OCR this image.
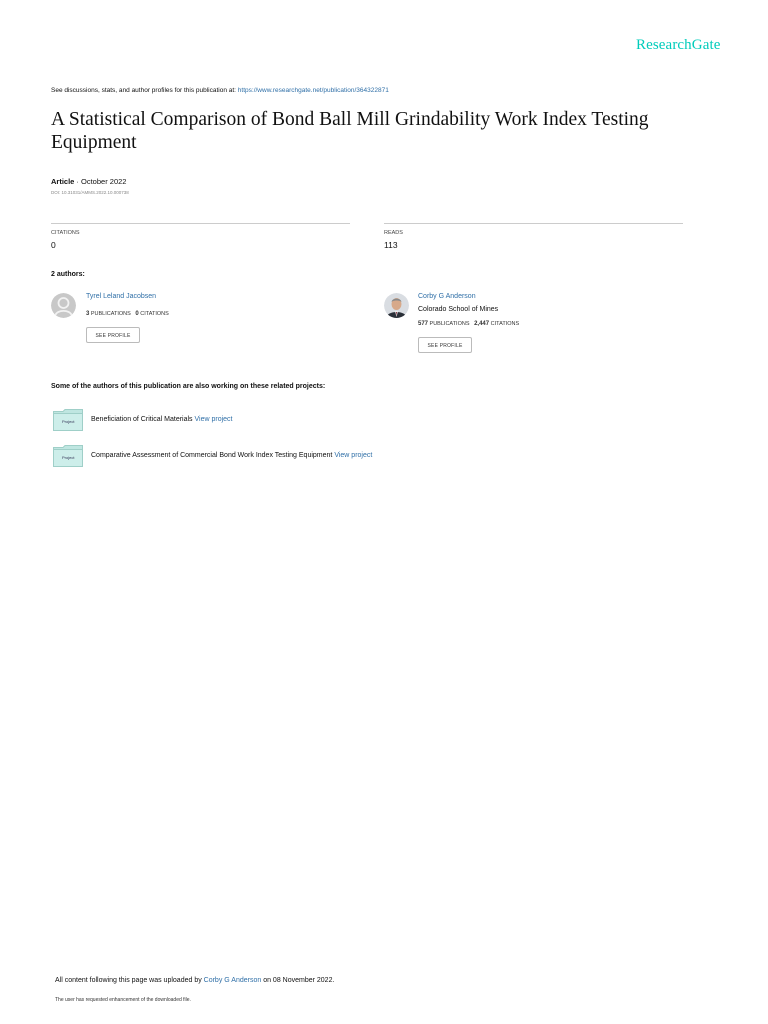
ResearchGate
See discussions, stats, and author profiles for this publication at: https://www.researchgate.net/publication/364322871
A Statistical Comparison of Bond Ball Mill Grindability Work Index Testing Equipment
Article · October 2022
DOI: 10.31031/AMMS.2022.10.000738
CITATIONS
0
READS
113
2 authors:
Tyrel Leland Jacobsen
3 PUBLICATIONS 0 CITATIONS
SEE PROFILE
Corby G Anderson
Colorado School of Mines
577 PUBLICATIONS 2,447 CITATIONS
SEE PROFILE
Some of the authors of this publication are also working on these related projects:
Project Beneficiation of Critical Materials View project
Project Comparative Assessment of Commercial Bond Work Index Testing Equipment View project
All content following this page was uploaded by Corby G Anderson on 08 November 2022.
The user has requested enhancement of the downloaded file.
